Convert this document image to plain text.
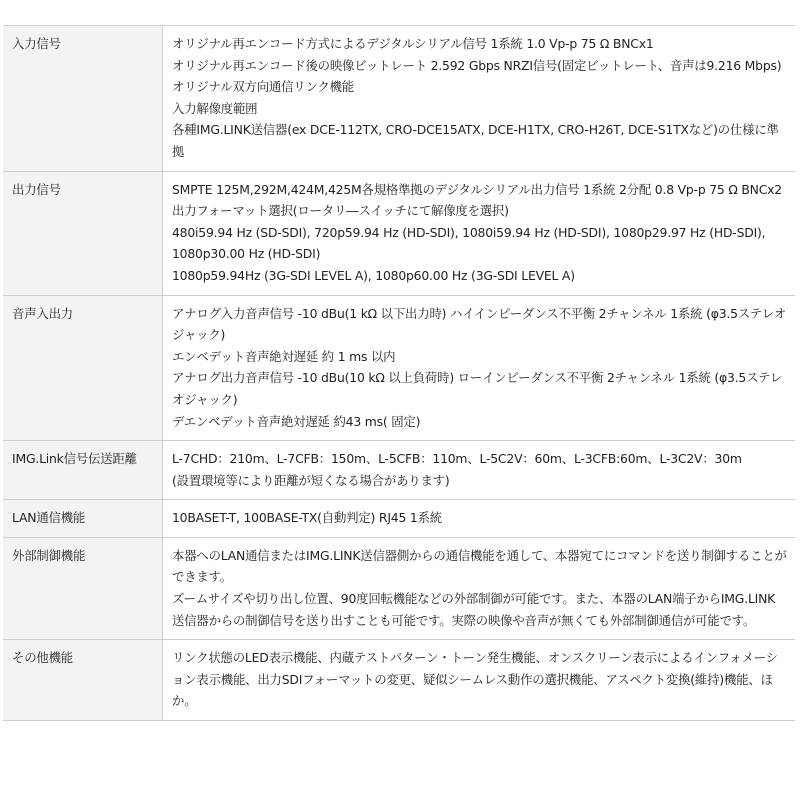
入力信号	オリジナル再エンコード方式によるデジタルシリアル信号 1系統 1.0 Vp-p 75 Ω BNCx1
オリジナル再エンコード後の映像ビットレート 2.592 Gbps NRZI信号(固定ビットレート、音声は9.216 Mbps)
オリジナル双方向通信リンク機能
入力解像度範囲
各種IMG.LINK送信器(ex DCE-112TX, CRO-DCE15ATX, DCE-H1TX, CRO-H26T, DCE-S1TXなど)の仕様に準拠

出力信号	SMPTE 125M,292M,424M,425M各規格準拠のデジタルシリアル出力信号 1系統 2分配 0.8 Vp-p 75 Ω BNCx2
出力フォーマット選択(ロータリ―スイッチにて解像度を選択)
480i59.94 Hz (SD-SDI), 720p59.94 Hz (HD-SDI), 1080i59.94 Hz (HD-SDI), 1080p29.97 Hz (HD-SDI), 1080p30.00 Hz (HD-SDI)
1080p59.94Hz (3G-SDI LEVEL A), 1080p60.00 Hz (3G-SDI LEVEL A)

音声入出力	アナログ入力音声信号 -10 dBu(1 kΩ 以下出力時) ハイインピーダンス不平衡 2チャンネル 1系統 (φ3.5ステレオジャック)
エンベデット音声絶対遅延 約 1 ms 以内
アナログ出力音声信号 -10 dBu(10 kΩ 以上負荷時) ローインピーダンス不平衡 2チャンネル 1系統 (φ3.5ステレオジャック)
デエンベデット音声絶対遅延 約43 ms( 固定)

IMG.Link信号伝送距離	L-7CHD：210m、L-7CFB：150m、L-5CFB：110m、L-5C2V：60m、L-3CFB:60m、L-3C2V：30m
(設置環境等により距離が短くなる場合があります)

LAN通信機能	10BASET-T, 100BASE-TX(自動判定) RJ45 1系統

外部制御機能	本器へのLAN通信またはIMG.LINK送信器側からの通信機能を通して、本器宛てにコマンドを送り制御することができます。
ズームサイズや切り出し位置、90度回転機能などの外部制御が可能です。また、本器のLAN端子からIMG.LINK送信器からの制御信号を送り出すことも可能です。実際の映像や音声が無くても外部制御通信が可能です。

その他機能	リンク状態のLED表示機能、内蔵テストパターン・トーン発生機能、オンスクリーン表示によるインフォメーション表示機能、出力SDIフォーマットの変更、疑似シームレス動作の選択機能、アスペクト変換(維持)機能、ほか。
